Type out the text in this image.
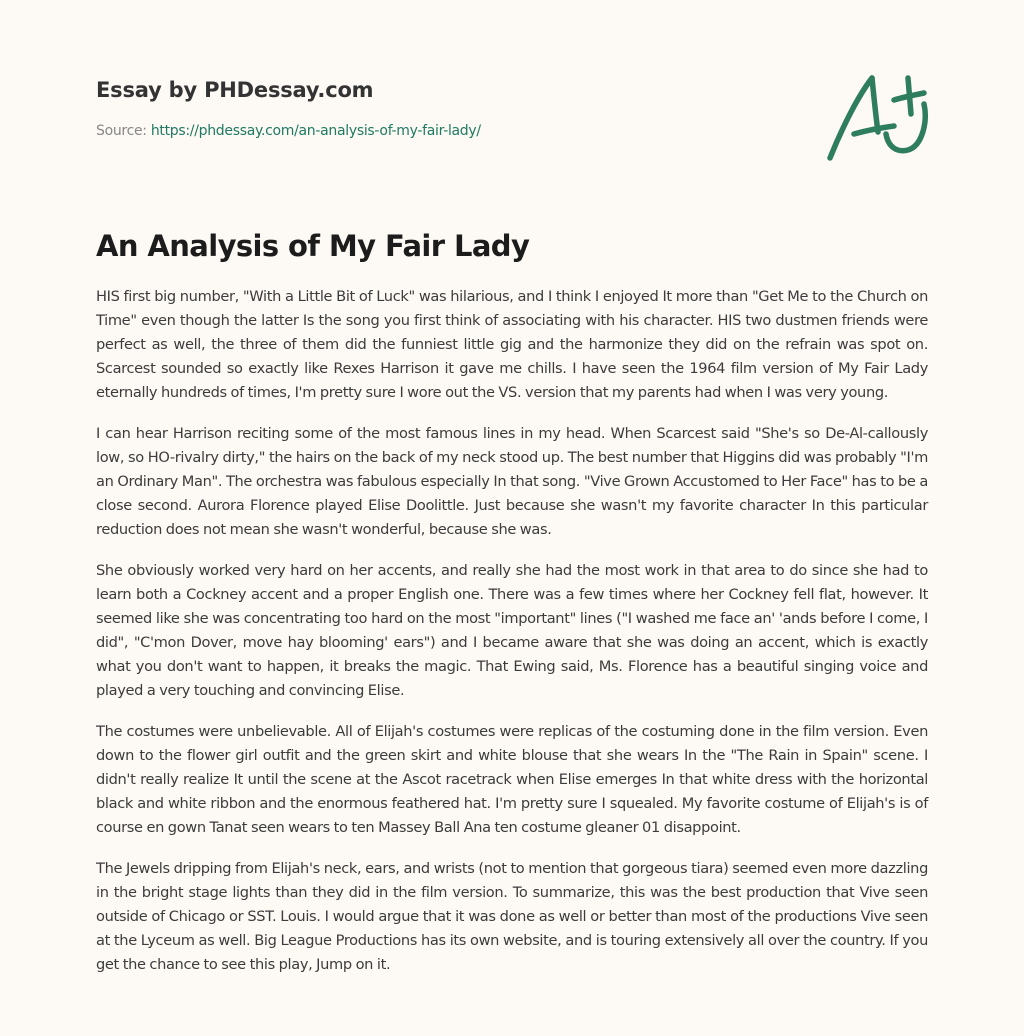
Essay by PHDessay.com
Source: https://phdessay.com/an-analysis-of-my-fair-lady/
An Analysis of My Fair Lady

HIS first big number, "With a Little Bit of Luck" was hilarious, and I think I enjoyed It more than "Get Me to the Church on Time" even though the latter Is the song you first think of associating with his character. HIS two dustmen friends were perfect as well, the three of them did the funniest little gig and the harmonize they did on the refrain was spot on. Scarcest sounded so exactly like Rexes Harrison it gave me chills. I have seen the 1964 film version of My Fair Lady eternally hundreds of times, I'm pretty sure I wore out the VS. version that my parents had when I was very young.

I can hear Harrison reciting some of the most famous lines in my head. When Scarcest said "She's so De-Al-callously low, so HO-rivalry dirty," the hairs on the back of my neck stood up. The best number that Higgins did was probably "I'm an Ordinary Man". The orchestra was fabulous especially In that song. "Vive Grown Accustomed to Her Face" has to be a close second. Aurora Florence played Elise Doolittle. Just because she wasn't my favorite character In this particular reduction does not mean she wasn't wonderful, because she was.

She obviously worked very hard on her accents, and really she had the most work in that area to do since she had to learn both a Cockney accent and a proper English one. There was a few times where her Cockney fell flat, however. It seemed like she was concentrating too hard on the most "important" lines ("I washed me face an' 'ands before I come, I did", "C'mon Dover, move hay blooming' ears") and I became aware that she was doing an accent, which is exactly what you don't want to happen, it breaks the magic. That Ewing said, Ms. Florence has a beautiful singing voice and played a very touching and convincing Elise.

The costumes were unbelievable. All of Elijah's costumes were replicas of the costuming done in the film version. Even down to the flower girl outfit and the green skirt and white blouse that she wears In the "The Rain in Spain" scene. I didn't really realize It until the scene at the Ascot racetrack when Elise emerges In that white dress with the horizontal black and white ribbon and the enormous feathered hat. I'm pretty sure I squealed. My favorite costume of Elijah's is of course en gown Tanat seen wears to ten Massey Ball Ana ten costume gleaner 01 disappoint.

The Jewels dripping from Elijah's neck, ears, and wrists (not to mention that gorgeous tiara) seemed even more dazzling in the bright stage lights than they did in the film version. To summarize, this was the best production that Vive seen outside of Chicago or SST. Louis. I would argue that it was done as well or better than most of the productions Vive seen at the Lyceum as well. Big League Productions has its own website, and is touring extensively all over the country. If you get the chance to see this play, Jump on it.
